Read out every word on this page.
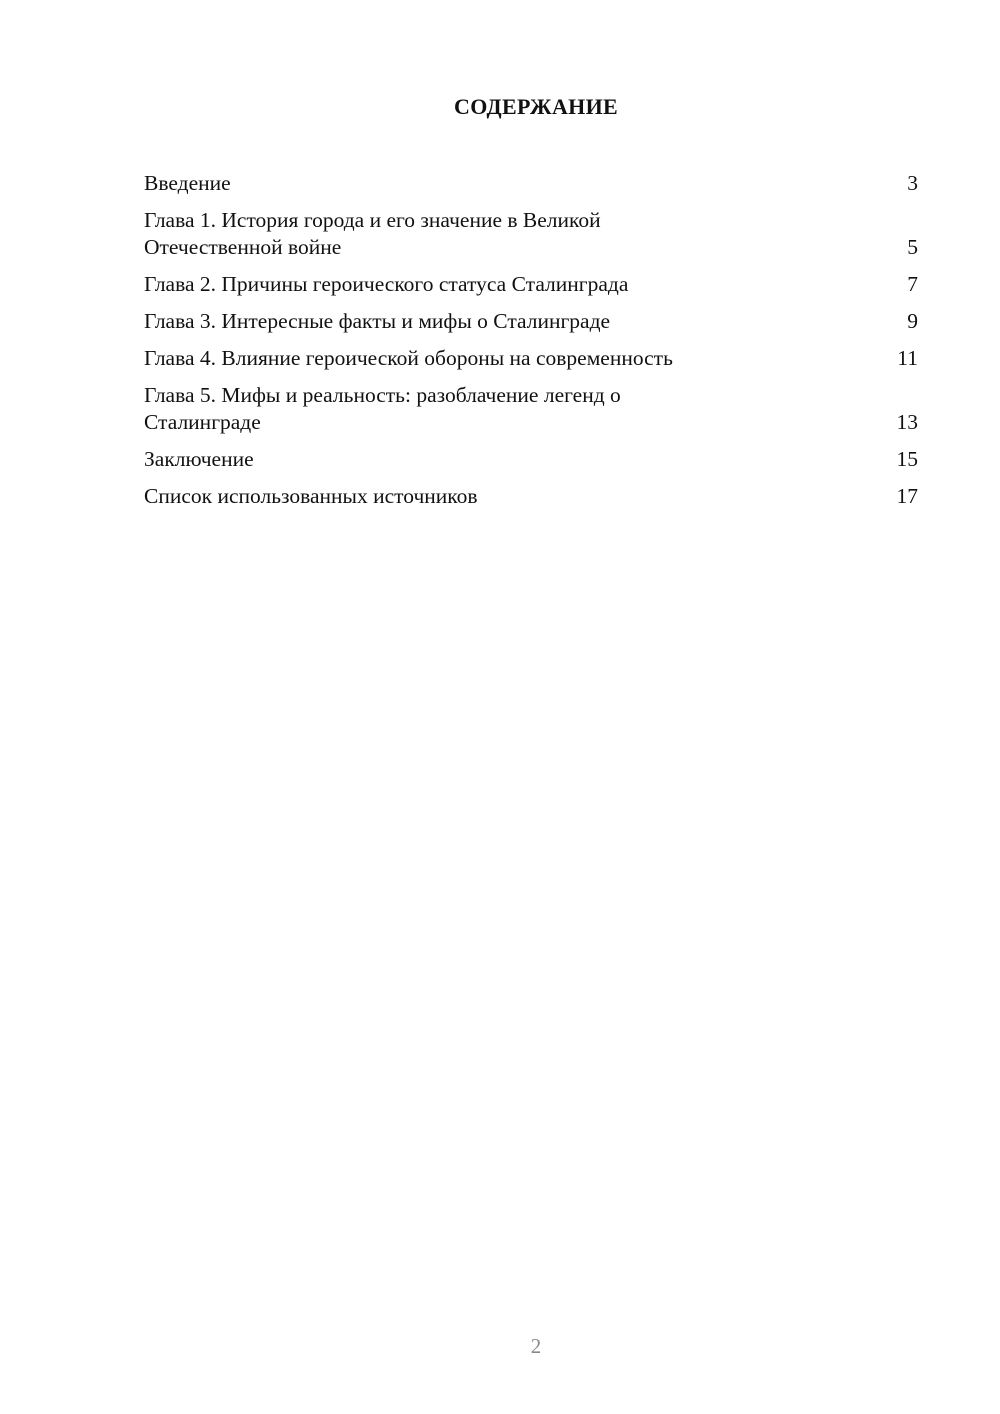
СОДЕРЖАНИЕ
Введение	3
Глава 1. История города и его значение в Великой
Отечественной войне	5
Глава 2. Причины героического статуса Сталинграда	7
Глава 3. Интересные факты и мифы о Сталинграде	9
Глава 4. Влияние героической обороны на современность	11
Глава 5. Мифы и реальность: разоблачение легенд о
Сталинграде	13
Заключение	15
Список использованных источников	17
2
